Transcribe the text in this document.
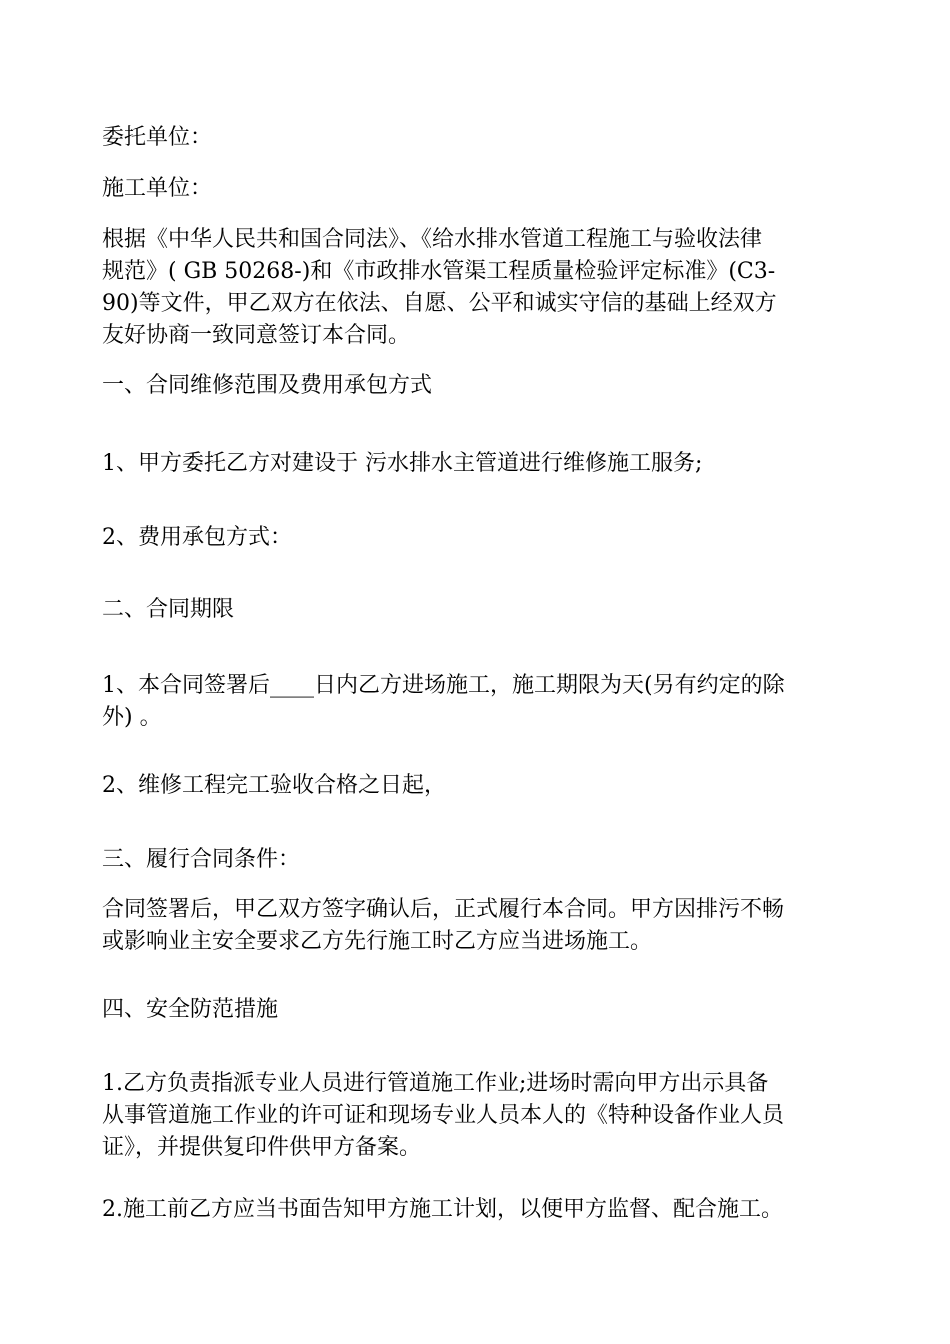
委托单位：
施工单位：
根据《中华人民共和国合同法》、《给水排水管道工程施工与验收法律
规范》( GB 50268-)和《市政排水管渠工程质量检验评定标准》(C3-
90)等文件，甲乙双方在依法、自愿、公平和诚实守信的基础上经双方
友好协商一致同意签订本合同。
一、合同维修范围及费用承包方式
1、甲方委托乙方对建设于 污水排水主管道进行维修施工服务;
2、费用承包方式：
二、合同期限
1、本合同签署后____日内乙方进场施工，施工期限为天(另有约定的除
外) 。
2、维修工程完工验收合格之日起，
三、履行合同条件：
合同签署后，甲乙双方签字确认后，正式履行本合同。甲方因排污不畅
或影响业主安全要求乙方先行施工时乙方应当进场施工。
四、安全防范措施
1.乙方负责指派专业人员进行管道施工作业;进场时需向甲方出示具备
从事管道施工作业的许可证和现场专业人员本人的《特种设备作业人员
证》，并提供复印件供甲方备案。
2.施工前乙方应当书面告知甲方施工计划，以便甲方监督、配合施工。
